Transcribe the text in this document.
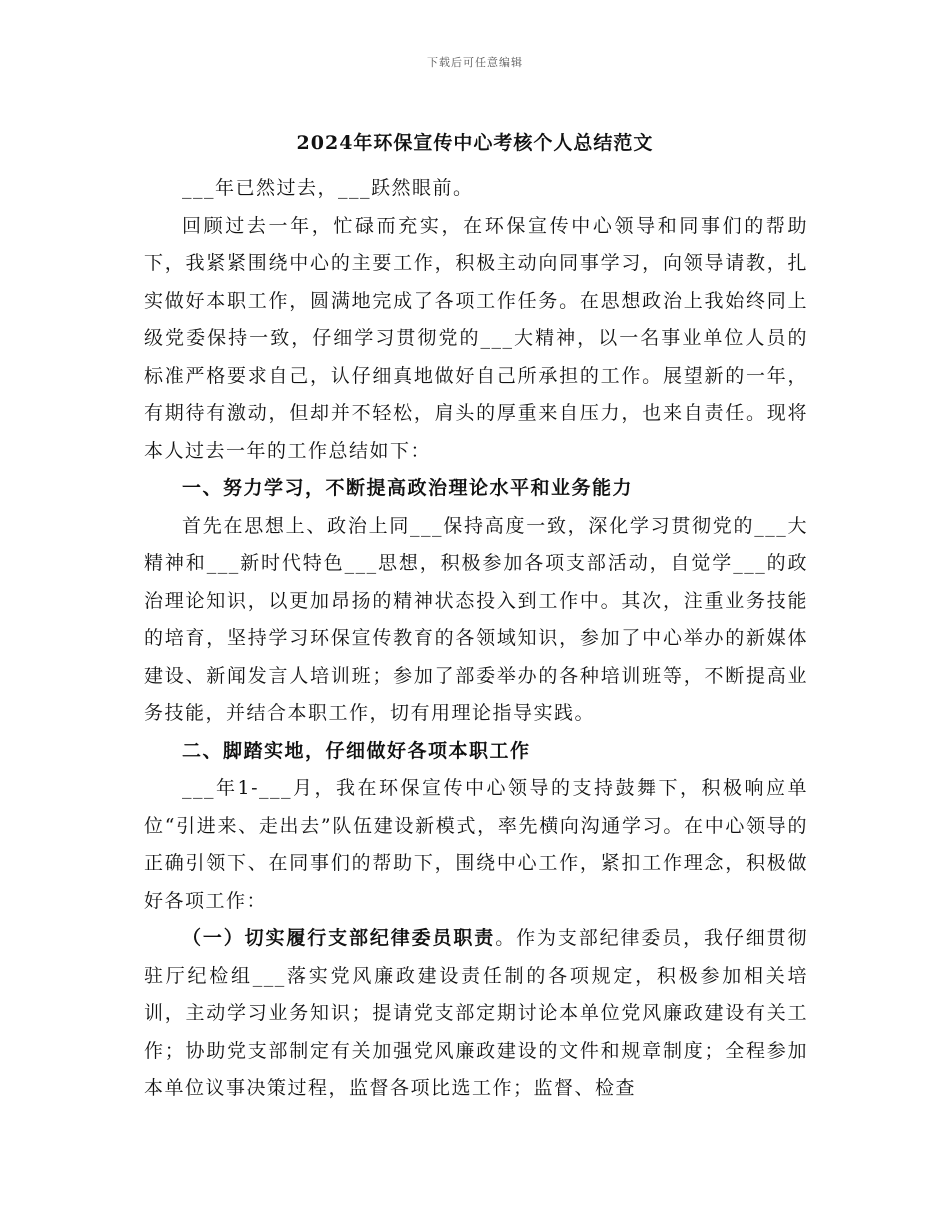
下载后可任意编辑
2024年环保宣传中心考核个人总结范文

___年已然过去，___跃然眼前。

回顾过去一年，忙碌而充实，在环保宣传中心领导和同事们的帮助下，我紧紧围绕中心的主要工作，积极主动向同事学习，向领导请教，扎实做好本职工作，圆满地完成了各项工作任务。在思想政治上我始终同上级党委保持一致，仔细学习贯彻党的___大精神，以一名事业单位人员的标准严格要求自己，认仔细真地做好自己所承担的工作。展望新的一年，有期待有激动，但却并不轻松，肩头的厚重来自压力，也来自责任。现将本人过去一年的工作总结如下：

一、努力学习，不断提高政治理论水平和业务能力

首先在思想上、政治上同___保持高度一致，深化学习贯彻党的___大精神和___新时代特色___思想，积极参加各项支部活动，自觉学___的政治理论知识，以更加昂扬的精神状态投入到工作中。其次，注重业务技能的培育，坚持学习环保宣传教育的各领域知识，参加了中心举办的新媒体建设、新闻发言人培训班；参加了部委举办的各种培训班等，不断提高业务技能，并结合本职工作，切有用理论指导实践。

二、脚踏实地，仔细做好各项本职工作

___年1-___月，我在环保宣传中心领导的支持鼓舞下，积极响应单位“引进来、走出去”队伍建设新模式，率先横向沟通学习。在中心领导的正确引领下、在同事们的帮助下，围绕中心工作，紧扣工作理念，积极做好各项工作：

（一）切实履行支部纪律委员职责。作为支部纪律委员，我仔细贯彻驻厅纪检组___落实党风廉政建设责任制的各项规定，积极参加相关培训，主动学习业务知识；提请党支部定期讨论本单位党风廉政建设有关工作；协助党支部制定有关加强党风廉政建设的文件和规章制度；全程参加本单位议事决策过程，监督各项比选工作；监督、检查
